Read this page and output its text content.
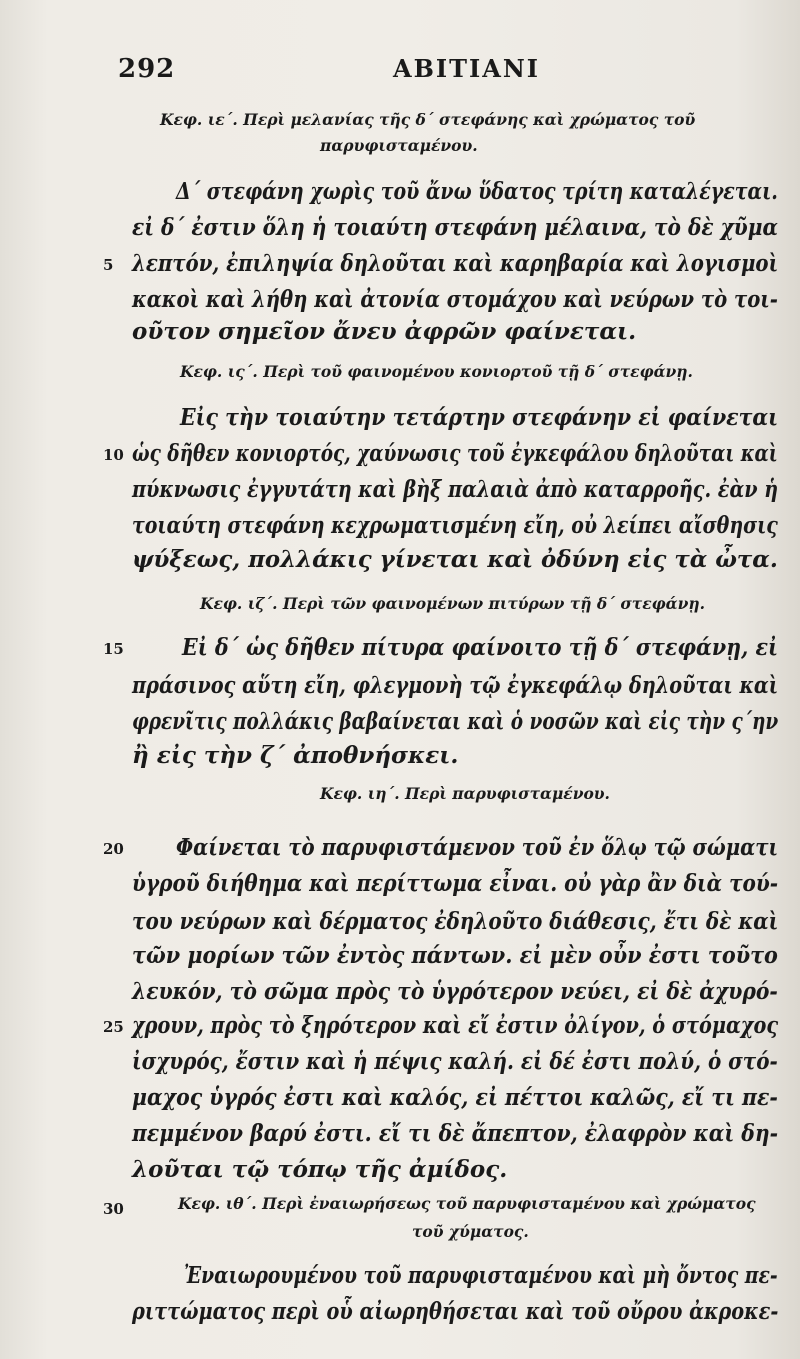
292	ΑΒΙΤΙΑΝΙ
Κεφ. ιε΄. Περὶ μελανίας τῆς δ΄ στεφάνης καὶ χρώματος τοῦ
παρυφισταμένου.
Δ΄ στεφάνη χωρὶς τοῦ ἄνω ὕδατος τρίτη καταλέγεται.
εἰ δ΄ ἐστιν ὅλη ἡ τοιαύτη στεφάνη μέλαινα, τὸ δὲ χῦμα
λεπτόν, ἐπιληψία δηλοῦται καὶ καρηβαρία καὶ λογισμοὶ
5
κακοὶ καὶ λήθη καὶ ἀτονία στομάχου καὶ νεύρων τὸ τοι-
οῦτον σημεῖον ἄνευ ἀφρῶν φαίνεται.
Κεφ. ις΄. Περὶ τοῦ φαινομένου κονιορτοῦ τῇ δ΄ στεφάνῃ.
Εἰς τὴν τοιαύτην τετάρτην στεφάνην εἰ φαίνεται
ὡς δῆθεν κονιορτός, χαύνωσις τοῦ ἐγκεφάλου δηλοῦται καὶ
10
πύκνωσις ἐγγυτάτη καὶ βὴξ παλαιὰ ἀπὸ καταρροῆς. ἐὰν ἡ
τοιαύτη στεφάνη κεχρωματισμένη εἴη, οὐ λείπει αἴσθησις
ψύξεως, πολλάκις γίνεται καὶ ὀδύνη εἰς τὰ ὦτα.
Κεφ. ιζ΄. Περὶ τῶν φαινομένων πιτύρων τῇ δ΄ στεφάνῃ.
Εἰ δ΄ ὡς δῆθεν πίτυρα φαίνοιτο τῇ δ΄ στεφάνῃ, εἰ
15
πράσινος αὕτη εἴη, φλεγμονὴ τῷ ἐγκεφάλῳ δηλοῦται καὶ
φρενῖτις πολλάκις βαβαίνεται καὶ ὁ νοσῶν καὶ εἰς τὴν ς΄ην
ἢ εἰς τὴν ζ΄ ἀποθνήσκει.
Κεφ. ιη΄. Περὶ παρυφισταμένου.
Φαίνεται τὸ παρυφιστάμενον τοῦ ἐν ὅλῳ τῷ σώματι
20
ὑγροῦ διήθημα καὶ περίττωμα εἶναι. οὐ γὰρ ἂν διὰ τού-
του νεύρων καὶ δέρματος ἐδηλοῦτο διάθεσις, ἔτι δὲ καὶ
τῶν μορίων τῶν ἐντὸς πάντων. εἰ μὲν οὖν ἐστι τοῦτο
λευκόν, τὸ σῶμα πρὸς τὸ ὑγρότερον νεύει, εἰ δὲ ἀχυρό-
χρουν, πρὸς τὸ ξηρότερον καὶ εἴ ἐστιν ὀλίγον, ὁ στόμαχος
25
ἰσχυρός, ἔστιν καὶ ἡ πέψις καλή. εἰ δέ ἐστι πολύ, ὁ στό-
μαχος ὑγρός ἐστι καὶ καλός, εἰ πέττοι καλῶς, εἴ τι πε-
πεμμένον βαρύ ἐστι. εἴ τι δὲ ἄπεπτον, ἐλαφρὸν καὶ δη-
λοῦται τῷ τόπῳ τῆς ἀμίδος.
Κεφ. ιθ΄. Περὶ ἐναιωρήσεως τοῦ παρυφισταμένου καὶ χρώματος
30
τοῦ χύματος.
Ἐναιωρουμένου τοῦ παρυφισταμένου καὶ μὴ ὄντος πε-
ριττώματος περὶ οὗ αἰωρηθήσεται καὶ τοῦ οὔρου ἀκροκε-
